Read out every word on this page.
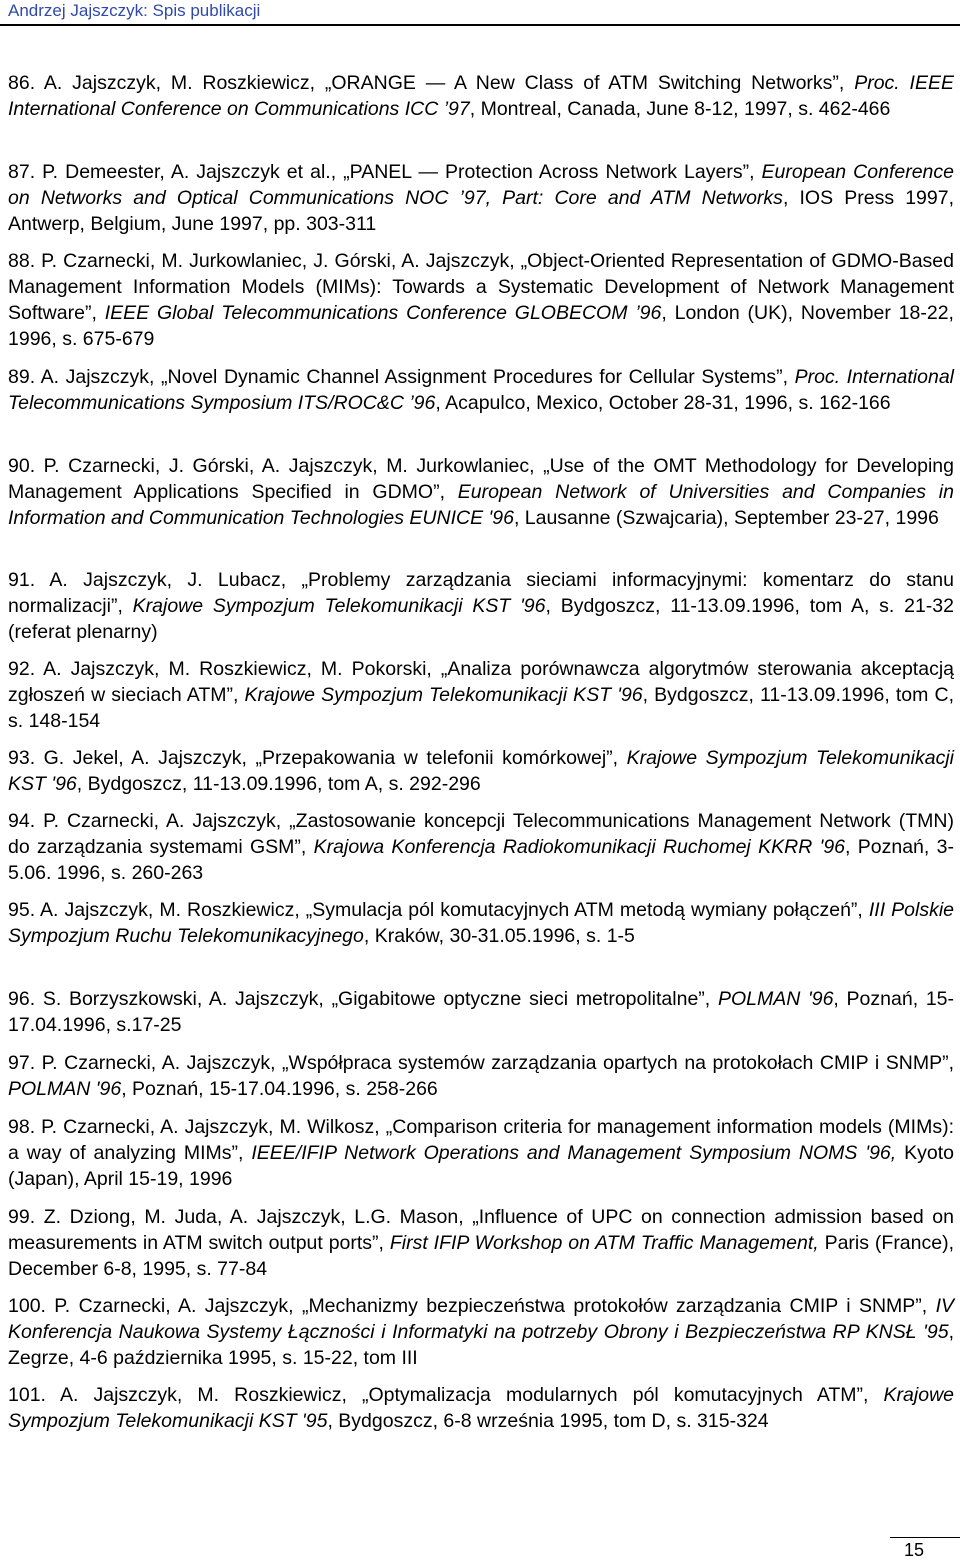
Andrzej Jajszczyk: Spis publikacji

86. A. Jajszczyk, M. Roszkiewicz, „ORANGE — A New Class of ATM Switching Networks”, Proc. IEEE International Conference on Communications ICC ’97, Montreal, Canada, June 8-12, 1997, s. 462-466

87. P. Demeester, A. Jajszczyk et al., „PANEL — Protection Across Network Layers”, European Conference on Networks and Optical Communications NOC ’97, Part: Core and ATM Networks, IOS Press 1997, Antwerp, Belgium, June 1997, pp. 303-311

88. P. Czarnecki, M. Jurkowlaniec, J. Górski, A. Jajszczyk, „Object-Oriented Representation of GDMO-Based Management Information Models (MIMs): Towards a Systematic Development of Network Management Software”, IEEE Global Telecommunications Conference GLOBECOM ’96, London (UK), November 18-22, 1996, s. 675-679

89. A. Jajszczyk, „Novel Dynamic Channel Assignment Procedures for Cellular Systems”, Proc. International Telecommunications Symposium ITS/ROC&C ’96, Acapulco, Mexico, October 28-31, 1996, s. 162-166

90. P. Czarnecki, J. Górski, A. Jajszczyk, M. Jurkowlaniec, „Use of the OMT Methodology for Developing Management Applications Specified in GDMO”, European Network of Universities and Companies in Information and Communication Technologies EUNICE '96, Lausanne (Szwajcaria), September 23-27, 1996

91. A. Jajszczyk, J. Lubacz, „Problemy zarządzania sieciami informacyjnymi: komentarz do stanu normalizacji”, Krajowe Sympozjum Telekomunikacji KST '96, Bydgoszcz, 11-13.09.1996, tom A, s. 21-32 (referat plenarny)

92. A. Jajszczyk, M. Roszkiewicz, M. Pokorski, „Analiza porównawcza algorytmów sterowania akceptacją zgłoszeń w sieciach ATM”, Krajowe Sympozjum Telekomunikacji KST '96, Bydgoszcz, 11-13.09.1996, tom C, s. 148-154

93. G. Jekel, A. Jajszczyk, „Przepakowania w telefonii komórkowej”, Krajowe Sympozjum Telekomunikacji KST '96, Bydgoszcz, 11-13.09.1996, tom A, s. 292-296

94. P. Czarnecki, A. Jajszczyk, „Zastosowanie koncepcji Telecommunications Management Network (TMN) do zarządzania systemami GSM”, Krajowa Konferencja Radiokomunikacji Ruchomej KKRR '96, Poznań, 3-5.06. 1996, s. 260-263

95. A. Jajszczyk, M. Roszkiewicz, „Symulacja pól komutacyjnych ATM metodą wymiany połączeń”, III Polskie Sympozjum Ruchu Telekomunikacyjnego, Kraków, 30-31.05.1996, s. 1-5

96. S. Borzyszkowski, A. Jajszczyk, „Gigabitowe optyczne sieci metropolitalne”, POLMAN '96, Poznań, 15-17.04.1996, s.17-25

97. P. Czarnecki, A. Jajszczyk, „Współpraca systemów zarządzania opartych na protokołach CMIP i SNMP”, POLMAN '96, Poznań, 15-17.04.1996, s. 258-266

98. P. Czarnecki, A. Jajszczyk, M. Wilkosz, „Comparison criteria for management information models (MIMs): a way of analyzing MIMs”, IEEE/IFIP Network Operations and Management Symposium NOMS '96, Kyoto (Japan), April 15-19, 1996

99. Z. Dziong, M. Juda, A. Jajszczyk, L.G. Mason, „Influence of UPC on connection admission based on measurements in ATM switch output ports”, First IFIP Workshop on ATM Traffic Management, Paris (France), December 6-8, 1995, s. 77-84

100. P. Czarnecki, A. Jajszczyk, „Mechanizmy bezpieczeństwa protokołów zarządzania CMIP i SNMP”, IV Konferencja Naukowa Systemy Łączności i Informatyki na potrzeby Obrony i Bezpieczeństwa RP KNSŁ '95, Zegrze, 4-6 października 1995, s. 15-22, tom III

101. A. Jajszczyk, M. Roszkiewicz, „Optymalizacja modularnych pól komutacyjnych ATM”, Krajowe Sympozjum Telekomunikacji KST '95, Bydgoszcz, 6-8 września 1995, tom D, s. 315-324

15
